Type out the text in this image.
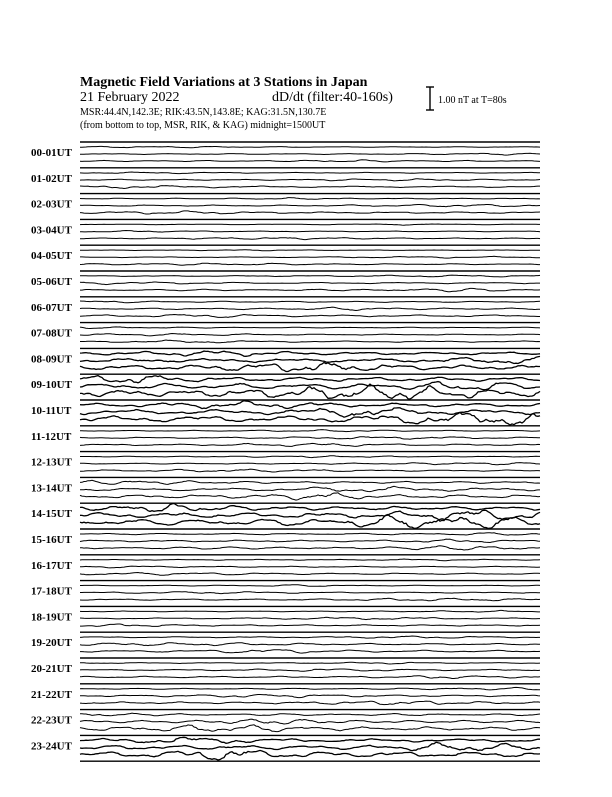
Magnetic Field Variations at 3 Stations in Japan
21 February 2022	dD/dt (filter:40-160s)
MSR:44.4N,142.3E; RIK:43.5N,143.8E; KAG:31.5N,130.7E
(from bottom to top, MSR, RIK, & KAG) midnight=1500UT
1.00 nT at T=80s
00-01UT
01-02UT
02-03UT
03-04UT
04-05UT
05-06UT
06-07UT
07-08UT
08-09UT
09-10UT
10-11UT
11-12UT
12-13UT
13-14UT
14-15UT
15-16UT
16-17UT
17-18UT
18-19UT
19-20UT
20-21UT
21-22UT
22-23UT
23-24UT
